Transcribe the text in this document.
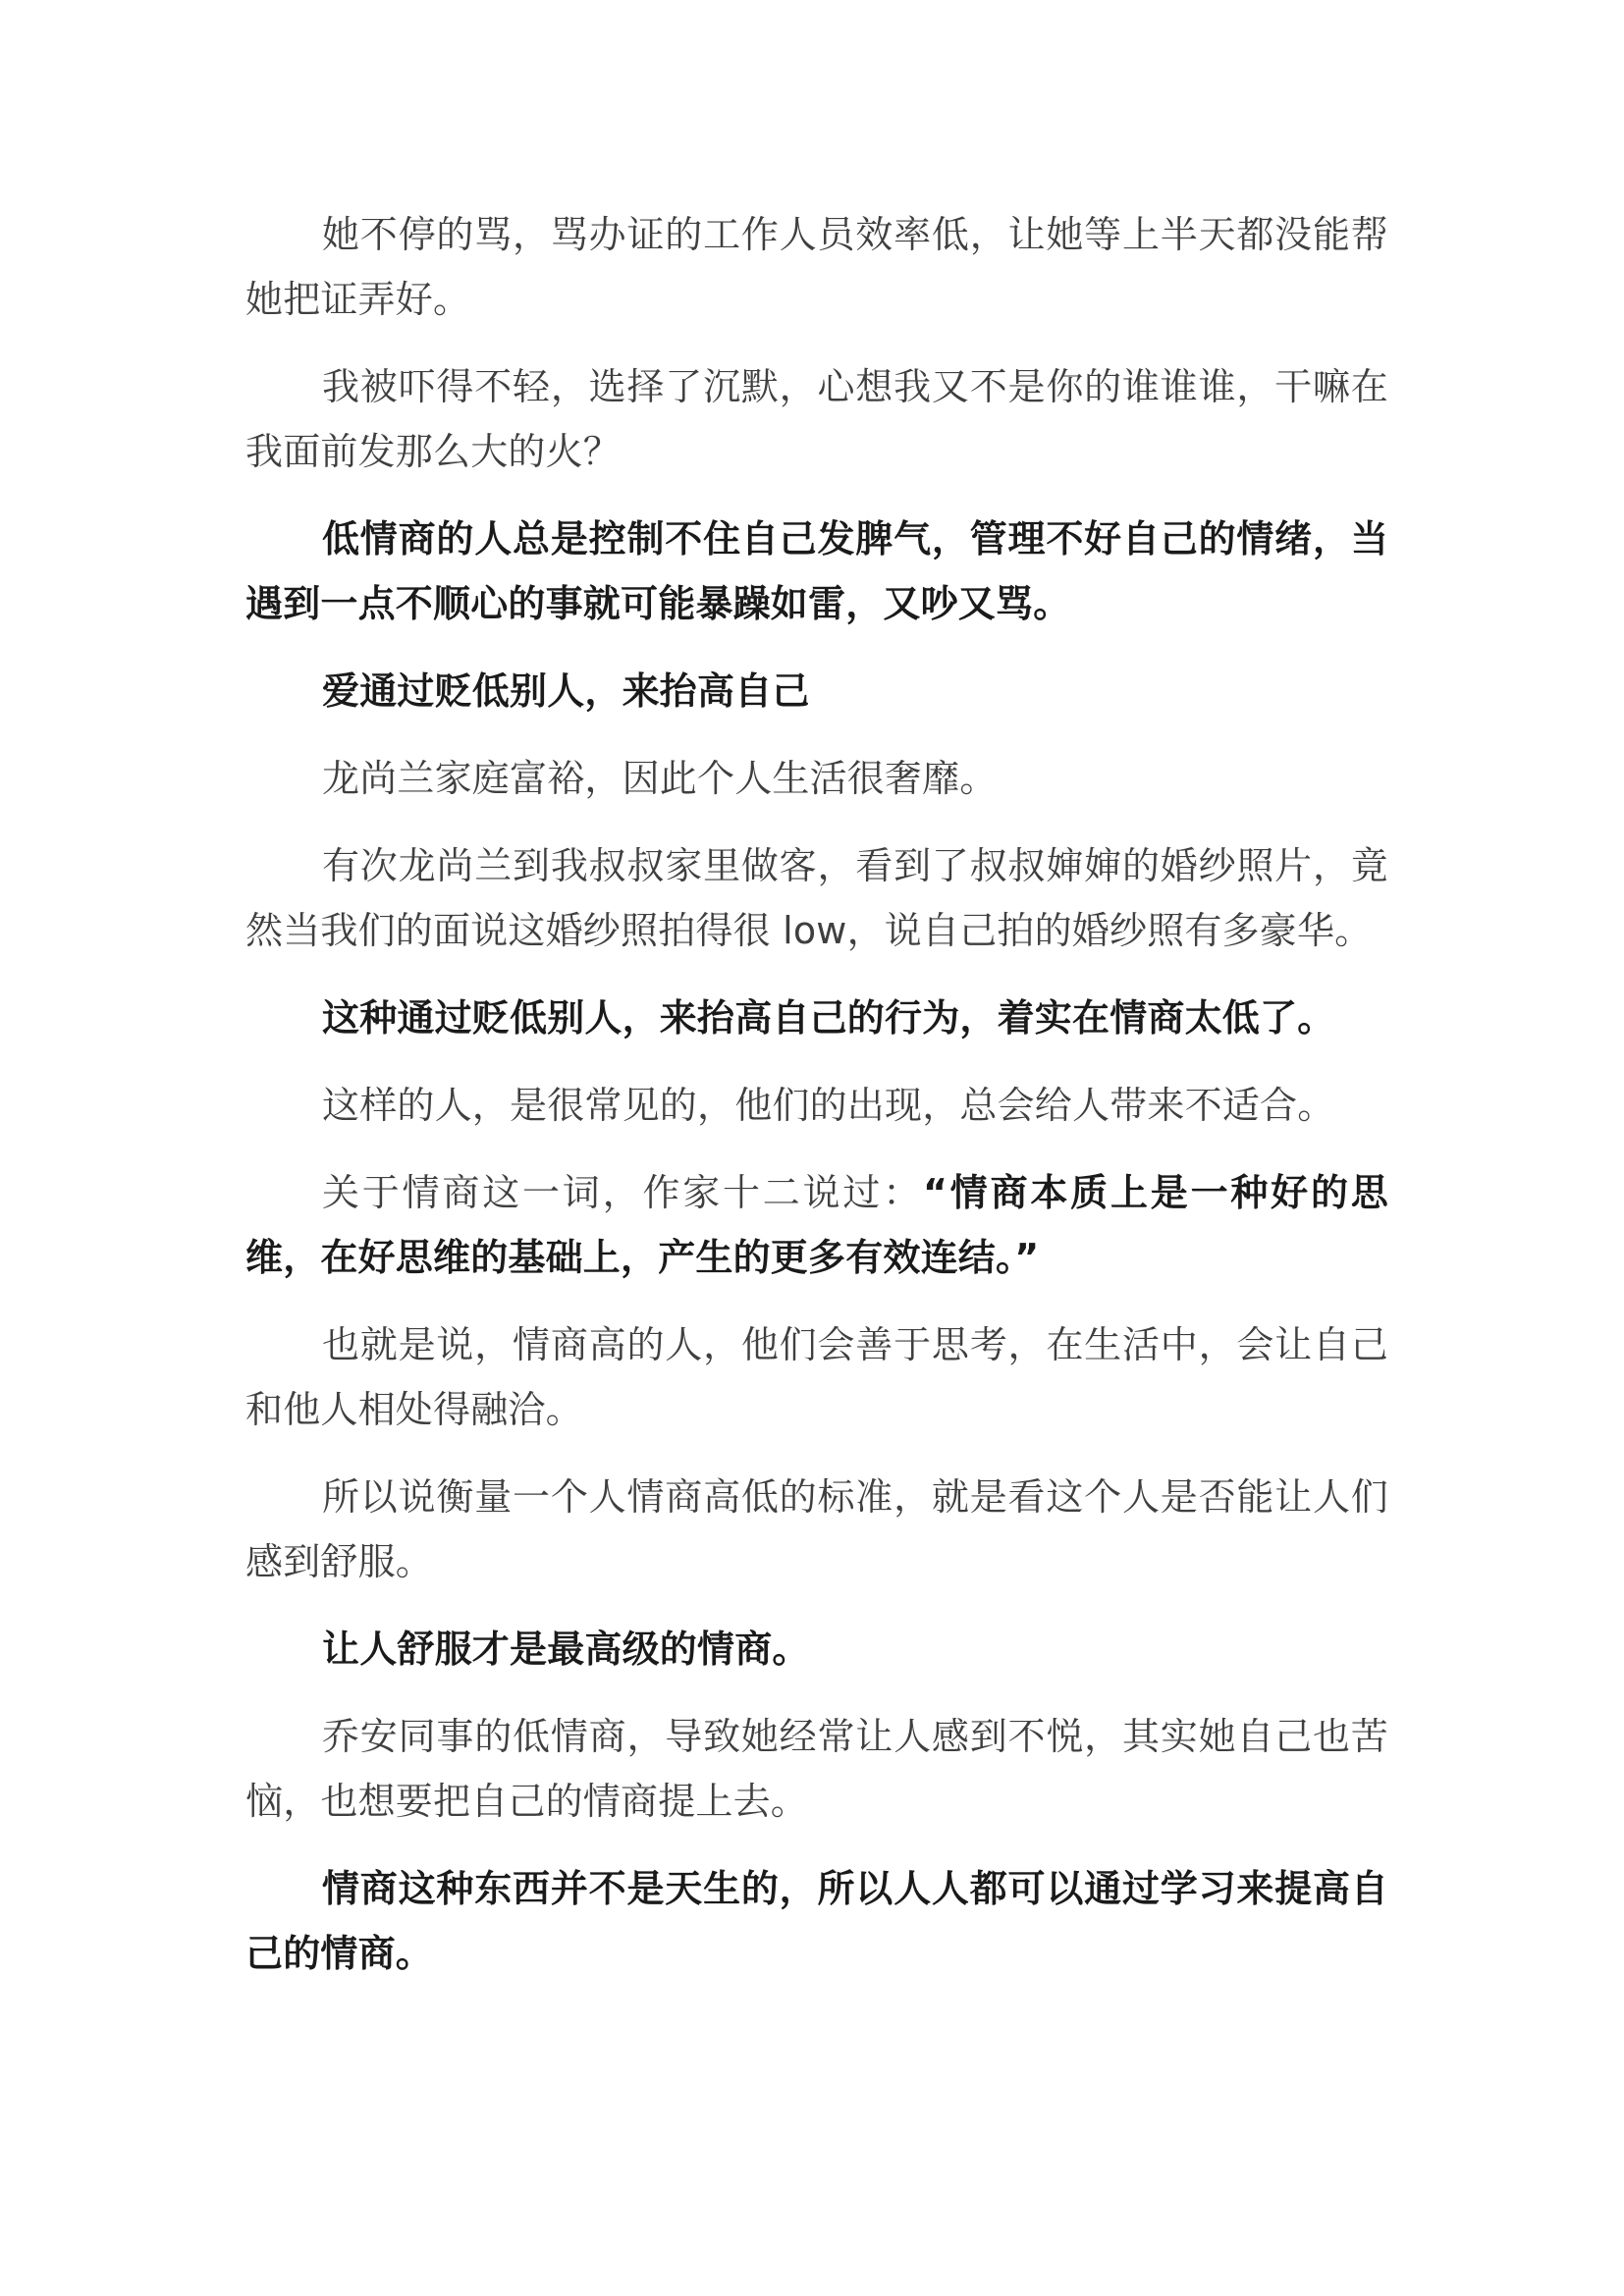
她不停的骂，骂办证的工作人员效率低，让她等上半天都没能帮她把证弄好。

我被吓得不轻，选择了沉默，心想我又不是你的谁谁谁，干嘛在我面前发那么大的火？

低情商的人总是控制不住自己发脾气，管理不好自己的情绪，当遇到一点不顺心的事就可能暴躁如雷，又吵又骂。

爱通过贬低别人，来抬高自己

龙尚兰家庭富裕，因此个人生活很奢靡。

有次龙尚兰到我叔叔家里做客，看到了叔叔婶婶的婚纱照片，竟然当我们的面说这婚纱照拍得很 low，说自己拍的婚纱照有多豪华。

这种通过贬低别人，来抬高自己的行为，着实在情商太低了。

这样的人，是很常见的，他们的出现，总会给人带来不适合。

关于情商这一词，作家十二说过：“情商本质上是一种好的思维，在好思维的基础上，产生的更多有效连结。”

也就是说，情商高的人，他们会善于思考，在生活中，会让自己和他人相处得融洽。

所以说衡量一个人情商高低的标准，就是看这个人是否能让人们感到舒服。

让人舒服才是最高级的情商。

乔安同事的低情商，导致她经常让人感到不悦，其实她自己也苦恼，也想要把自己的情商提上去。

情商这种东西并不是天生的，所以人人都可以通过学习来提高自己的情商。
